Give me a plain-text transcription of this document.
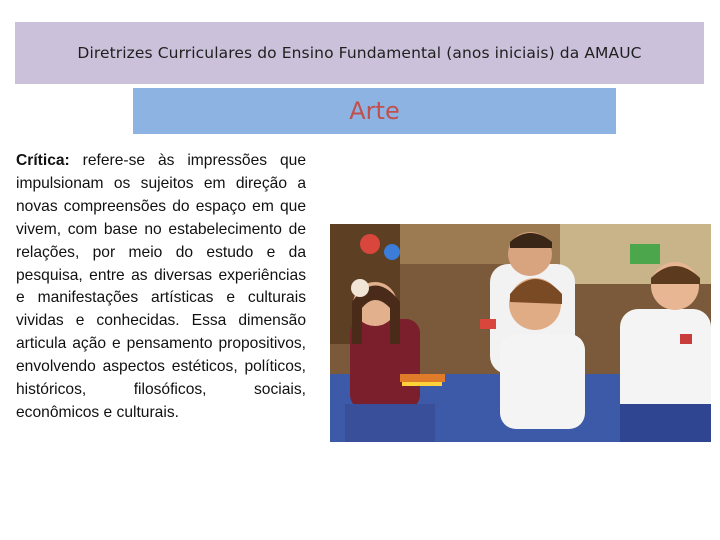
Diretrizes Curriculares do Ensino Fundamental (anos iniciais) da AMAUC
Arte
Crítica: refere-se às impressões que impulsionam os sujeitos em direção a novas compreensões do espaço em que vivem, com base no estabelecimento de relações, por meio do estudo e da pesquisa, entre as diversas experiências e manifestações artísticas e culturais vividas e conhecidas. Essa dimensão articula ação e pensamento propositivos, envolvendo aspectos estéticos, políticos, históricos, filosóficos, sociais, econômicos e culturais.
